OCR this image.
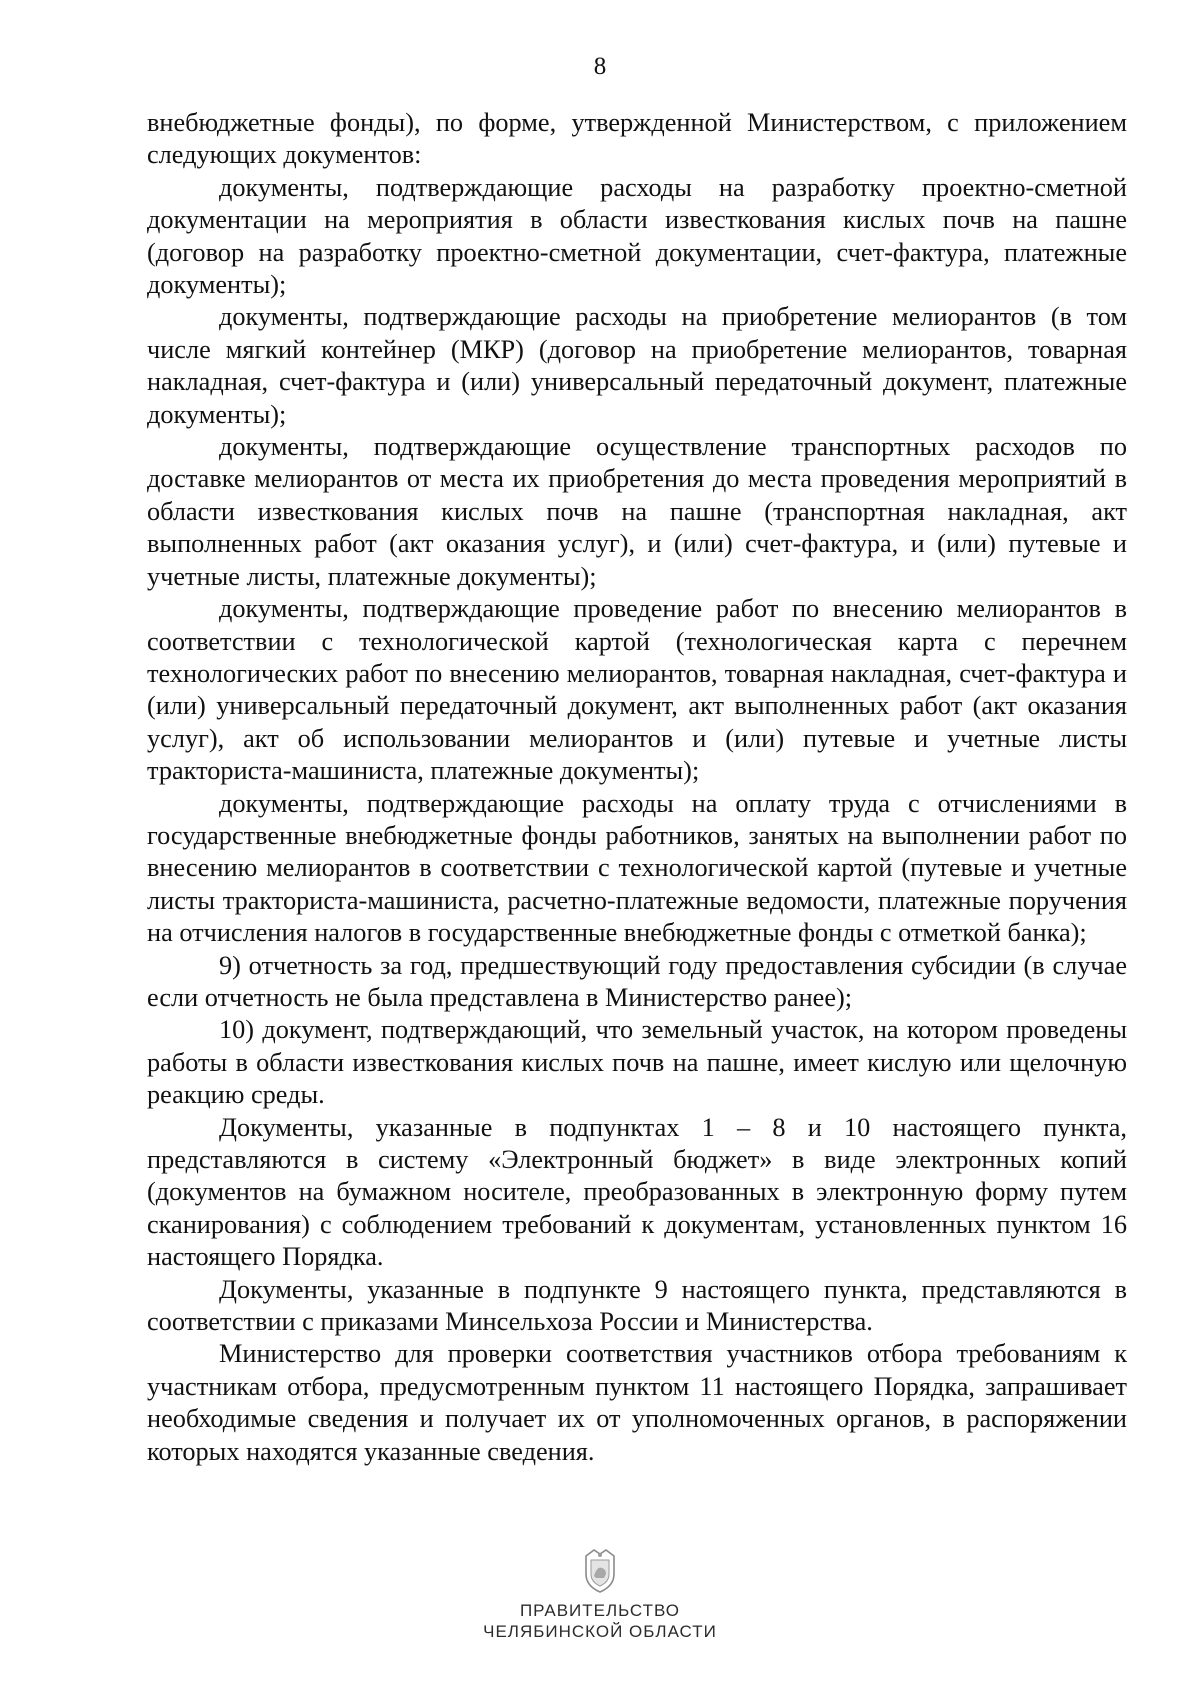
8

внебюджетные фонды), по форме, утвержденной Министерством, с приложением следующих документов:

документы, подтверждающие расходы на разработку проектно-сметной документации на мероприятия в области известкования кислых почв на пашне (договор на разработку проектно-сметной документации, счет-фактура, платежные документы);

документы, подтверждающие расходы на приобретение мелиорантов (в том числе мягкий контейнер (МКР) (договор на приобретение мелиорантов, товарная накладная, счет-фактура и (или) универсальный передаточный документ, платежные документы);

документы, подтверждающие осуществление транспортных расходов по доставке мелиорантов от места их приобретения до места проведения мероприятий в области известкования кислых почв на пашне (транспортная накладная, акт выполненных работ (акт оказания услуг), и (или) счет-фактура, и (или) путевые и учетные листы, платежные документы);

документы, подтверждающие проведение работ по внесению мелиорантов в соответствии с технологической картой (технологическая карта с перечнем технологических работ по внесению мелиорантов, товарная накладная, счет-фактура и (или) универсальный передаточный документ, акт выполненных работ (акт оказания услуг), акт об использовании мелиорантов и (или) путевые и учетные листы тракториста-машиниста, платежные документы);

документы, подтверждающие расходы на оплату труда с отчислениями в государственные внебюджетные фонды работников, занятых на выполнении работ по внесению мелиорантов в соответствии с технологической картой (путевые и учетные листы тракториста-машиниста, расчетно-платежные ведомости, платежные поручения на отчисления налогов в государственные внебюджетные фонды с отметкой банка);

9) отчетность за год, предшествующий году предоставления субсидии (в случае если отчетность не была представлена в Министерство ранее);

10) документ, подтверждающий, что земельный участок, на котором проведены работы в области известкования кислых почв на пашне, имеет кислую или щелочную реакцию среды.

Документы, указанные в подпунктах 1 – 8 и 10 настоящего пункта, представляются в систему «Электронный бюджет» в виде электронных копий (документов на бумажном носителе, преобразованных в электронную форму путем сканирования) с соблюдением требований к документам, установленных пунктом 16 настоящего Порядка.

Документы, указанные в подпункте 9 настоящего пункта, представляются в соответствии с приказами Минсельхоза России и Министерства.

Министерство для проверки соответствия участников отбора требованиям к участникам отбора, предусмотренным пунктом 11 настоящего Порядка, запрашивает необходимые сведения и получает их от уполномоченных органов, в распоряжении которых находятся указанные сведения.

ПРАВИТЕЛЬСТВО
ЧЕЛЯБИНСКОЙ ОБЛАСТИ
